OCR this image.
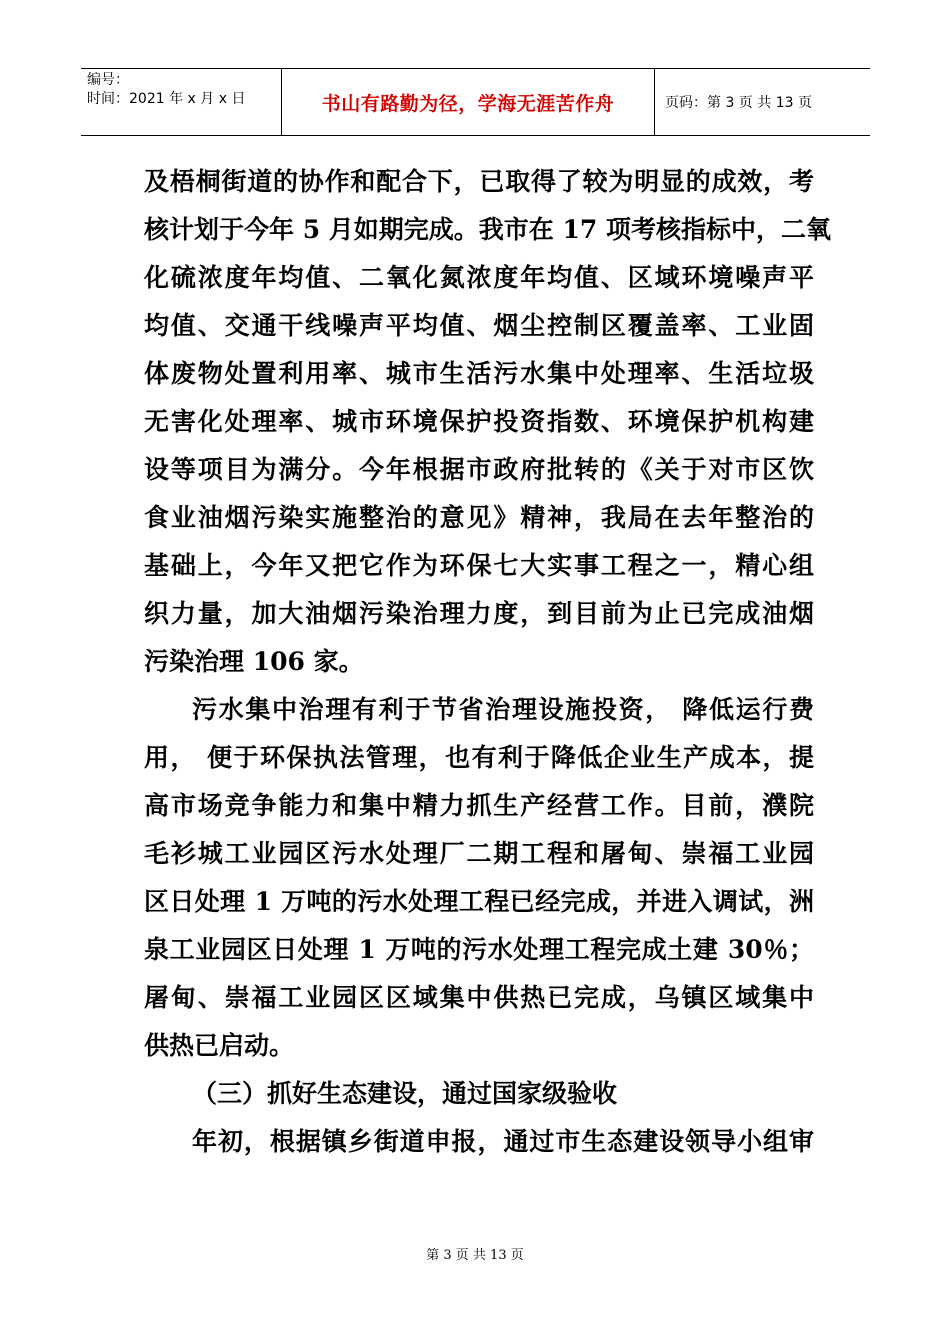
编号：
时间：2021 年 x 月 x 日	书山有路勤为径，学海无涯苦作舟	页码：第 3 页 共 13 页
及梧桐街道的协作和配合下，已取得了较为明显的成效，考
核计划于今年 5 月如期完成。我市在 17 项考核指标中，二氧
化硫浓度年均值、二氧化氮浓度年均值、区域环境噪声平
均值、交通干线噪声平均值、烟尘控制区覆盖率、工业固
体废物处置利用率、城市生活污水集中处理率、生活垃圾
无害化处理率、城市环境保护投资指数、环境保护机构建
设等项目为满分。今年根据市政府批转的《关于对市区饮
食业油烟污染实施整治的意见》精神，我局在去年整治的
基础上，今年又把它作为环保七大实事工程之一，精心组
织力量，加大油烟污染治理力度，到目前为止已完成油烟
污染治理 106 家。
污水集中治理有利于节省治理设施投资， 降低运行费
用， 便于环保执法管理，也有利于降低企业生产成本，提
高市场竞争能力和集中精力抓生产经营工作。目前，濮院
毛衫城工业园区污水处理厂二期工程和屠甸、崇福工业园
区日处理 1 万吨的污水处理工程已经完成，并进入调试，洲
泉工业园区日处理 1 万吨的污水处理工程完成土建 30％；
屠甸、崇福工业园区区域集中供热已完成，乌镇区域集中
供热已启动。
（三）抓好生态建设，通过国家级验收
年初，根据镇乡街道申报，通过市生态建设领导小组审
第 3 页 共 13 页
